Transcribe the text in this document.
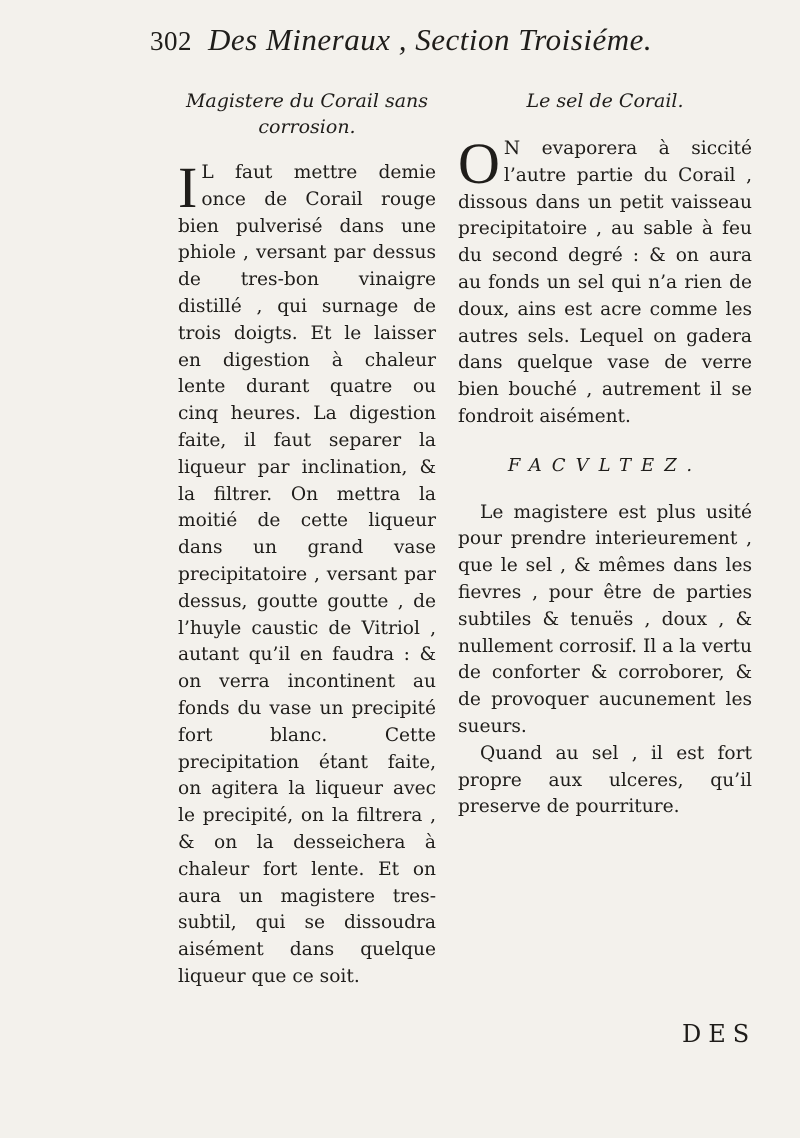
302 Des Mineraux , Section Troisiéme.
Magistere du Corail sans corrosion.

I L faut mettre demie once de Corail rouge bien pulverisé dans une phiole , versant par dessus de tres-bon vinaigre distillé , qui surnage de trois doigts. Et le laisser en digestion à chaleur lente durant quatre ou cinq heures. La digestion faite, il faut separer la liqueur par inclination, & la filtrer. On mettra la moitié de cette liqueur dans un grand vase precipitatoire , versant par dessus, goutte goutte , de l’huyle caustic de Vitriol , autant qu’il en faudra : & on verra incontinent au fonds du vase un precipité fort blanc. Cette precipitation étant faite, on agitera la liqueur avec le precipité, on la filtrera , & on la desseichera à chaleur fort lente. Et on aura un magistere tres-subtil, qui se dissoudra aisément dans quelque liqueur que ce soit.

Le sel de Corail.

O N evaporera à siccité l’autre partie du Corail , dissous dans un petit vaisseau precipitatoire , au sable à feu du second degré : & on aura au fonds un sel qui n’a rien de doux, ains est acre comme les autres sels. Lequel on gadera dans quelque vase de verre bien bouché , autrement il se fondroit aisément.

FACVLTEZ.

Le magistere est plus usité pour prendre interieurement , que le sel , & mêmes dans les fievres , pour être de parties subtiles & tenuës , doux , & nullement corrosif. Il a la vertu de conforter & corroborer, & de provoquer aucunement les sueurs.

Quand au sel , il est fort propre aux ulceres, qu’il preserve de pourriture.

DES
